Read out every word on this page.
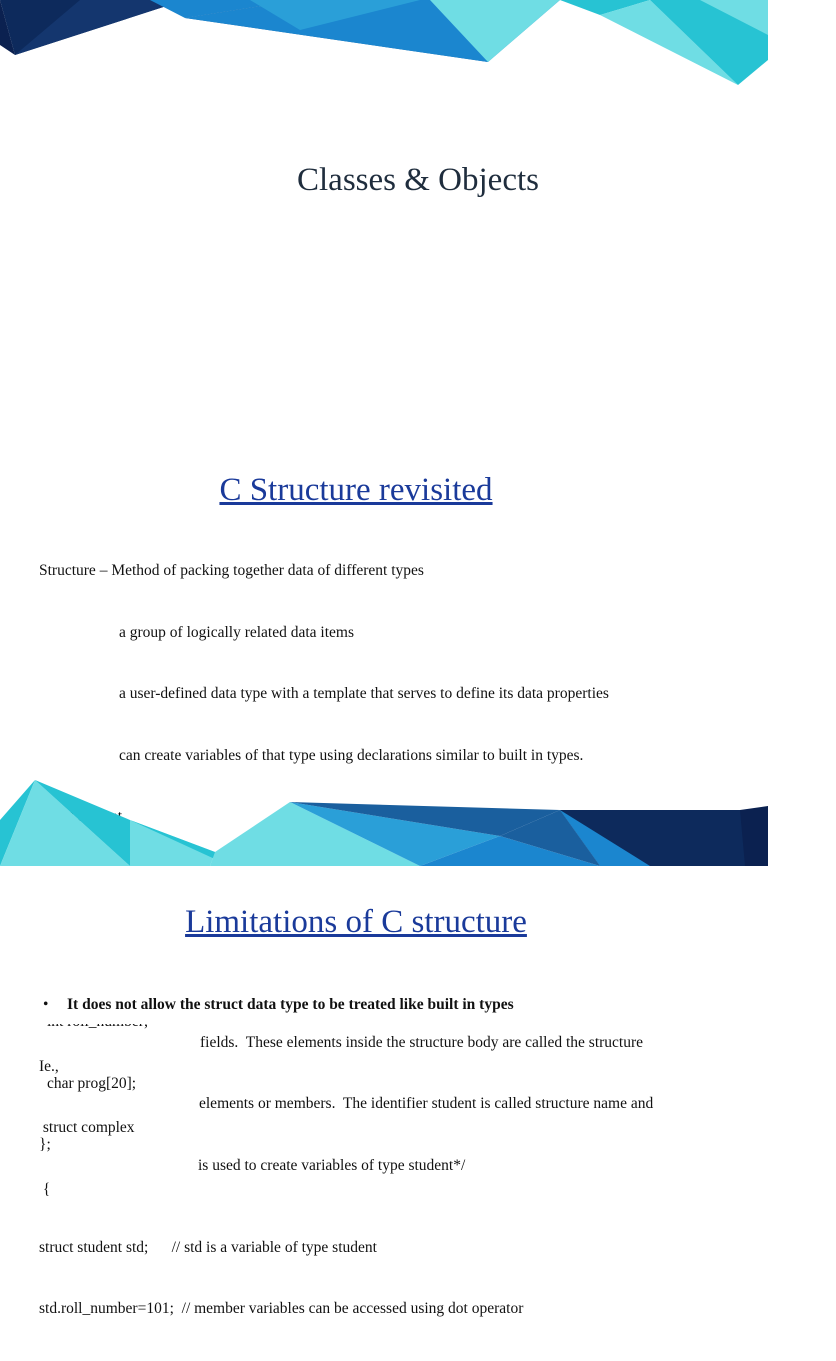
Classes & Objects
C Structure revisited

Structure – Method of packing together data of different types

a group of logically related data items

a user-defined data type with a template that serves to define its data properties

can create variables of that type using declarations similar to built in types.

fields.  These elements inside the structure body are called the structure

char prog[20];

elements or members.  The identifier student is called structure name and

};

is used to create variables of type student*/

struct student std;      // std is a variable of type student

std.roll_number=101;  // member variables can be accessed using dot operator

Limitations of C structure

• It does not allow the struct data type to be treated like built in types

Ie.,

struct complex

{
